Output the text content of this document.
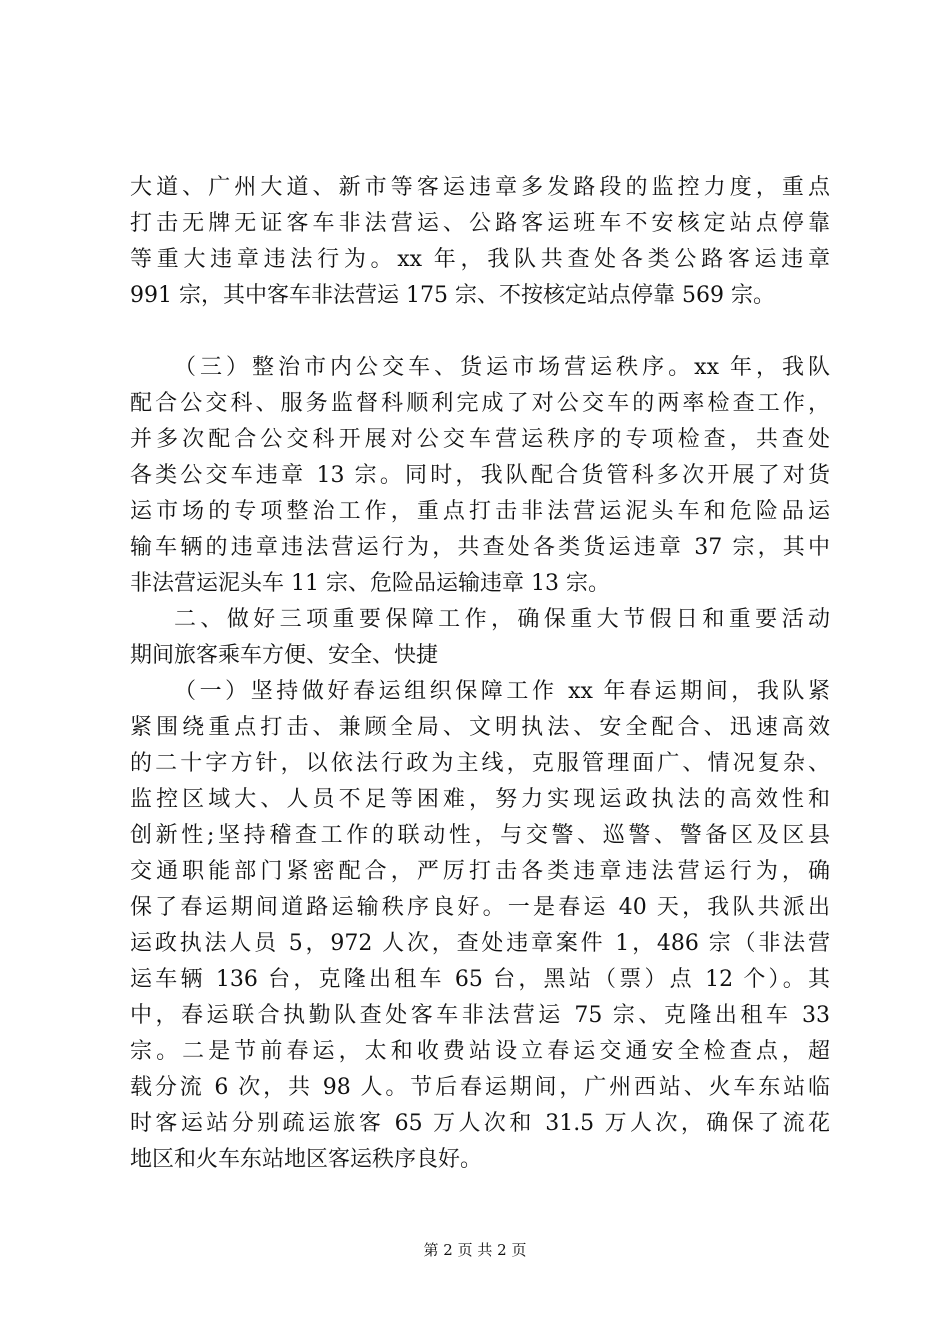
大道、广州大道、新市等客运违章多发路段的监控力度，重点
打击无牌无证客车非法营运、公路客运班车不安核定站点停靠
等重大违章违法行为。xx 年，我队共查处各类公路客运违章
991 宗，其中客车非法营运 175 宗、不按核定站点停靠 569 宗。
（三）整治市内公交车、货运市场营运秩序。xx 年，我队
配合公交科、服务监督科顺利完成了对公交车的两率检查工作，
并多次配合公交科开展对公交车营运秩序的专项检查，共查处
各类公交车违章 13 宗。同时，我队配合货管科多次开展了对货
运市场的专项整治工作，重点打击非法营运泥头车和危险品运
输车辆的违章违法营运行为，共查处各类货运违章 37 宗，其中
非法营运泥头车 11 宗、危险品运输违章 13 宗。
二、做好三项重要保障工作，确保重大节假日和重要活动
期间旅客乘车方便、安全、快捷
（一）坚持做好春运组织保障工作 xx 年春运期间，我队紧
紧围绕重点打击、兼顾全局、文明执法、安全配合、迅速高效
的二十字方针，以依法行政为主线，克服管理面广、情况复杂、
监控区域大、人员不足等困难，努力实现运政执法的高效性和
创新性;坚持稽查工作的联动性，与交警、巡警、警备区及区县
交通职能部门紧密配合，严厉打击各类违章违法营运行为，确
保了春运期间道路运输秩序良好。一是春运 40 天，我队共派出
运政执法人员 5，972 人次，查处违章案件 1，486 宗（非法营
运车辆 136 台，克隆出租车 65 台，黑站（票）点 12 个）。其
中，春运联合执勤队查处客车非法营运 75 宗、克隆出租车 33
宗。二是节前春运，太和收费站设立春运交通安全检查点，超
载分流 6 次，共 98 人。节后春运期间，广州西站、火车东站临
时客运站分别疏运旅客 65 万人次和 31.5 万人次，确保了流花
地区和火车东站地区客运秩序良好。
第 2 页 共 2 页
